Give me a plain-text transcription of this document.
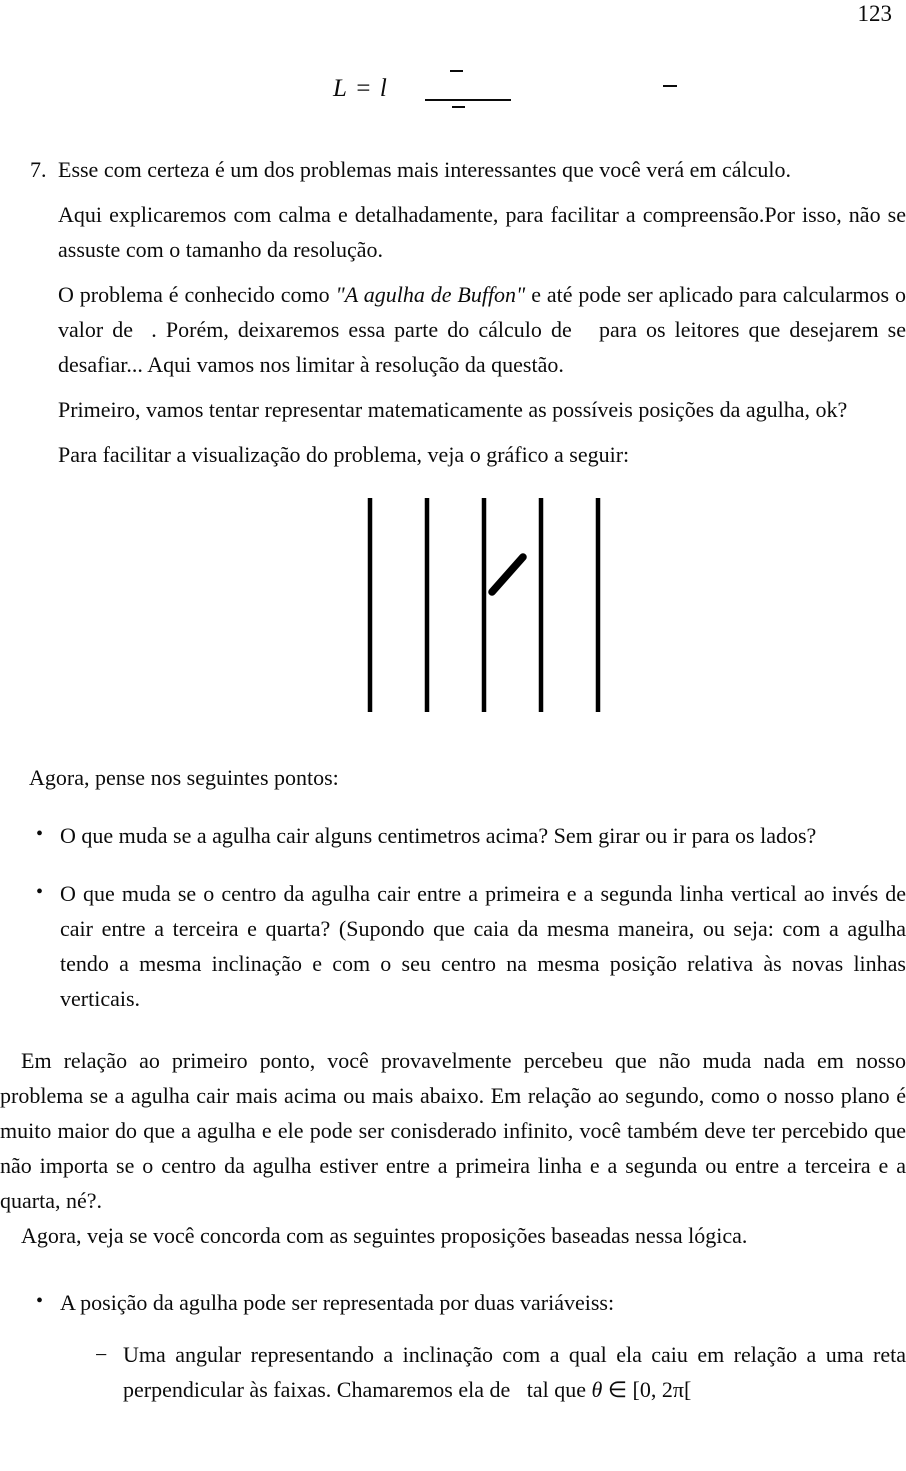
123
L = l
7. Esse com certeza é um dos problemas mais interessantes que você verá em cálculo.

Aqui explicaremos com calma e detalhadamente, para facilitar a compreensão.Por isso, não se assuste com o tamanho da resolução.

O problema é conhecido como "A agulha de Buffon" e até pode ser aplicado para calcularmos o valor de  . Porém, deixaremos essa parte do cálculo de   para os leitores que desejarem se desafiar... Aqui vamos nos limitar à resolução da questão.

Primeiro, vamos tentar representar matematicamente as possíveis posições da agulha, ok?

Para facilitar a visualização do problema, veja o gráfico a seguir:

Agora, pense nos seguintes pontos:

• O que muda se a agulha cair alguns centimetros acima? Sem girar ou ir para os lados?
• O que muda se o centro da agulha cair entre a primeira e a segunda linha vertical ao invés de cair entre a terceira e quarta? (Supondo que caia da mesma maneira, ou seja: com a agulha tendo a mesma inclinação e com o seu centro na mesma posição relativa às novas linhas verticais.

Em relação ao primeiro ponto, você provavelmente percebeu que não muda nada em nosso problema se a agulha cair mais acima ou mais abaixo. Em relação ao segundo, como o nosso plano é muito maior do que a agulha e ele pode ser conisderado infinito, você também deve ter percebido que não importa se o centro da agulha estiver entre a primeira linha e a segunda ou entre a terceira e a quarta, né?.

Agora, veja se você concorda com as seguintes proposições baseadas nessa lógica.

• A posição da agulha pode ser representada por duas variáveiss:
− Uma angular representando a inclinação com a qual ela caiu em relação a uma reta perpendicular às faixas. Chamaremos ela de   tal que θ ∈ [0, 2π[
